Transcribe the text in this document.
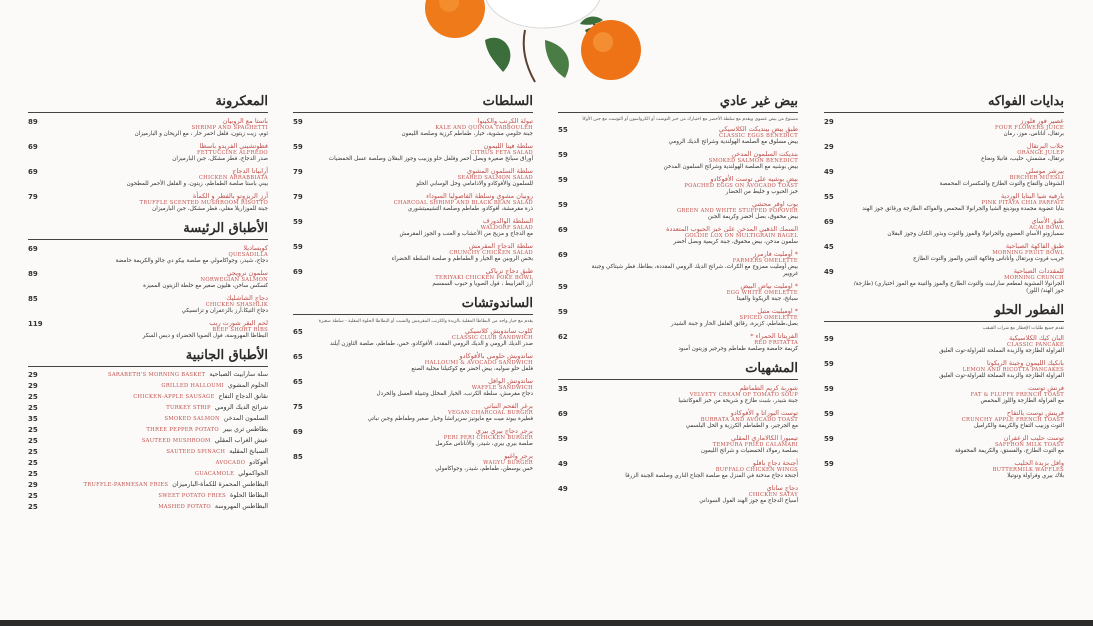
بدايات الفواكه
29	عصير فور فلورز
FOUR FLOWERS JUICE
برتقال، أناناس، موز، رمان
29	جلاب البرتقال
ORANGE JULEP
برتقال، مشمش، حليب، فانيلا ونعناع
49	بيرشر موسلي
BIRCHER MUESLI
الشوفان والتفاح والتوت الطازج والمكسرات المحمصة
55	بارفيه شيا البتايا الوردية
PINK PITAYA CHIA PARFAIT
بتايا عضوية مجمدة وبودينغ الشيا والجرانولا المحمص والفواكه الطازجة ورقائق جوز الهند
69	طبق الأساي
ACAI BOWL
سمبازونو الأساي العضوي والجرانولا والموز والتوت وبذور الكتان وجوز البقلان
45	طبق الفاكهة الصباحية
MORNING FRUIT BOWL
جريب فروت وبرتقال وأناناس وفاكهة التنين والموز والتوت الطازج
49	للمقددات الصباحية
MORNING CRUNCH
الجرانولا المشوية لمطعم سارابيث والتوت الطازج والموز والتينة مع الموز اختياري) (طازجة/جوز الهند/ اللوز)
الفطور الحلو
تقدم جميع طلبات الإفطار مع شراب القيقب
59	البان كيك الكلاسيكية
CLASSIC PANCAKE
الفراولة الطازجة والزبدة المملحة للفراولة-توت العليق
59	بانكيك الليمون وجبنة الريكوتا
LEMON AND RICOTTA PANCAKES
الفراولة الطازجة والزبدة المملحة للفراولة-توت العليق
59	فرنش توست
FAT & FLUFFY FRENCH TOAST
مع الفراولة الطازجة واللوز المحمص
59	فرينش توست بالتفاح
CRUNCHY APPLE FRENCH TOAST
التوت وزبيب التفاح والكريمة والكراميل
59	توست حليب الزعفران
SAFFRON MILK TOAST
مع التوت الطازج، والفستق، والكريمة المخفوقة
59	وافل بزبدة الحليب
BUTTERMILK WAFFLES
بلاك بيري وفراولة ونوتيلا
بيض غير عادي
مصنوع من بيض عضوي ويقدم مع سلطة الأخضر مع اختيارك من خبز التوست أو الكرواسون أو التوست مع جبن الأوكا
55	طبق بيض بينديكت الكلاسيكي
CLASSIC EGGS BENEDICT
بيض مسلوق مع الصلصة الهولندية وشرائح الديك الرومي
59	بنديكت السلمون المدخن
SMOKED SALMON BENEDICT
بيض بوشيه مع الصلصة الهولندية وشرائح السلمون المدخن
59	بيض بوشيه على توست الأفوكادو
POACHED EGGS ON AVOCADO TOAST
خبز الحبوب و خليط من الخضار
59	بوب اوفر محشي
GREEN AND WHITE STUFFED POPOVER
بيض مخفوق، بصل أخضر وكريمة الجبن
69	السمك الذهبي المدخن على خبز الحبوب المتعددة
GOLDIE LOX ON MULTIGRAIN BAGEL
سلمون مدخن، بيض مخفوق، جبنة كريمية وبصل أخضر
69	* أومليت فارمرز
FARMERS OMELETTE
بيض أومليت ممزوج مع الكراث، شرائح الديك الرومي المقددة، بطاطا، فطر شيتاكي وجبنة غرويير
59	* اومليت بياض البيض
EGG WHITE OMELETTE
سبانخ، جبنة الريكوتا والفيتا
59	* اوميليت متبل
SPICED OMELETTE
بصل،طماطم، كزبرة، رقائق الفلفل الحار و جبنة الشيدر
62	الفريتاتا الحمراء *
RED FRITATTA
كريمة حامضة وصلصة طماطم وجرجير وزيتون أسود
المشهيات
35	شوربة كريم الطماطم
VELVETY CREAM OF TOMATO SOUP
جبنة شيدر، شبث طازج و شريحة من خبز الفوكاتشيا
69	توست البوراتا و الأفوكادو
BURRATA AND AVOCADO TOAST
مع الجرجير، و الطماطم الكرزية و الخل البلسمي
59	تيمبورا الكالاماري المقلي
TEMPURA FRIED CALAMARI
بصلصة رمولاد الحمضيات و شرائح الليمون
49	أجنحة دجاج بافلو
BUFFALO CHICKEN WINGS
أجنحة دجاج مدخنة في المنزل مع صلصة الجناح الناري وصلصة الجبنة الزرقا
49	دجاج ساتاي
CHICKEN SATAY
أسياخ الدجاج مع جوز الهند الفول السوداني
السلطات
59	تبولة الكرنب والكينوا
KALE AND QUINOA TABBOULEH
جبنة حلومي مشوية، خيار، طماطم كرزية وصلصة الليمون
59	سلطة فيتا الليمون
CITRUS FETA SALAD
أوراق سبانخ صغيرة وبصل أحمر وفلفل حلو وزبيب وجوز البقلان وصلصة عسل الحمضيات
79	سلطة السلمون المشوي
SEARED SALMON SALAD
للسلمون والأفوكادو والادامامي وخل الوسابي الحلو
79	روبيان مشوي وسلطة الفاصوليا السوداء
CHARCOAL SHRIMP AND BLACK BEAN SALAD
ذرة مقرمشة، أفوكادو، طماطم وصلصة التشيميتشوري
59	السلطة الوالدورف
WALDORF SALAD
مع الدجاج و مزيج من الأعشاب و العنب و الجوز المقرمش
59	سلطة الدجاج المقرمش
CRUNCHY CHICKEN SALAD
بخس الروبين مع الخيار و الطماطم و صلصة السلطة الخضراء
69	طبق دجاج ترياكي
TERIYAKI CHICKEN POKE BOWL
أرز الفرابيط ، فول الصويا و حبوب السمسم
الساندوتشات
يقدم مع خيار واحد من البطاطا المقلية بالزبدة والكرنب المقرمش والشبت أو البطاطا الحلوة المقلية - سلطة صغيرة
65	كلوب ساندويش كلاسيكي
CLASSIC CLUB SANDWICH
صدر الديك الرومي و الديك الرومي المقدد، الأفوكادو، خس، طماطم، صلصة الثاوزن آيلند
65	ساندويش حلومي بالأفوكادو
HALLOUMI & AVOCADO SANDWICH
فلفل حلو سوليه، بيض أخضر مع كوكتيلنا محلية الصنع
65	ساندوتش الوافل
WAFFLE SANDWICH
دجاج مقرمش، سلطة الكرنب، الخيار المخلل وتتبيلة العسل والخردل
75	برغر الفحم النباتي
VEGAN CHARCOAL BURGER
فطيرة بيوند ميت مع مايونيز سريراتشا وخيار صغير وطماطم وجبن نباتي
69	برجر دجاج بيري بيري
PERI PERI CHICKEN BURGER
صلصة بيري بيري، شيدر، والأناناس مكرمل
85	برجر واغيو
WAGYU BURGER
خس بوسطن، طماطم، شيدر، وجواكامولي
المعكرونة
89	باستا مع الروبيان
SHRIMP AND SPAGHETTI
ثوم، زيت زيتون، فلفل احمر حار ، مع الريحان و البارميزان
69	فطوتشيني الفريدو باسطا
FETTUCCINE ALFREDO
صدر الدجاج، فطر مشكل، جبن البارميزان
69	أرابياتا الدجاج
CHICKEN ARRABBIATA
بيني باستا صلصة الطماطم، زيتون، و الفلفل الأحمر للمطحون
79	أرز الريزوتو بالفطر و الكمأة
TRUFFLE SCENTED MUSHROOM RISOTTO
جبنة للموزاريلا مقلي، فطر مشكل، جبن البارميزان
الأطباق الرئيسة
69	كويساديلا
QUESADILLA
دجاج، شيدر، وجواكامولي مع صلصة بيكو دي جالو والكريمة حامضة
89	سلمون نرويجي
NORWEGIAN SALMON
كسكس ساخن، هليون صغير مع خلطة الزيتون المميزة
85	دجاج الشاشليك
CHICKEN SHASHLIK
دجاج التيكا،أرز بالزعفران و تزاتسيكي
119	لحم البقر شورت ريب
BEEF SHORT RIBS
البطاطا المهروسة، فول الصويا الخضراء و ديس السكر
الأطباق الجانبية
29	SARABETH'S MORNING BASKET سلة سارابيث الصباحية
29	GRILLED HALLOUMI الحلوم المشوي
25	CHICKEN-APPLE SAUSAGE نقانق الدجاج التفاح
25	TURKEY STRIP شرائح الديك الرومي
35	SMOKED SALMON السلمون المدخن
25	THREE PEPPER POTATO بطاطس ثري بيبر
25	SAUTEED MUSHROOM عيش الغراب المقلي
25	SAUTEED SPINACH السبانخ المقلية
25	AVOCADO أفوكادو
25	GUACAMOLE الجواكمولي
29	TRUFFLE-PARMESAN FRIES البطاطس المحمرة للكمأة-البارميزان
25	SWEET POTATO FRIES البطاطا الحلوة
25	MASHED POTATO البطاطس المهروسة
